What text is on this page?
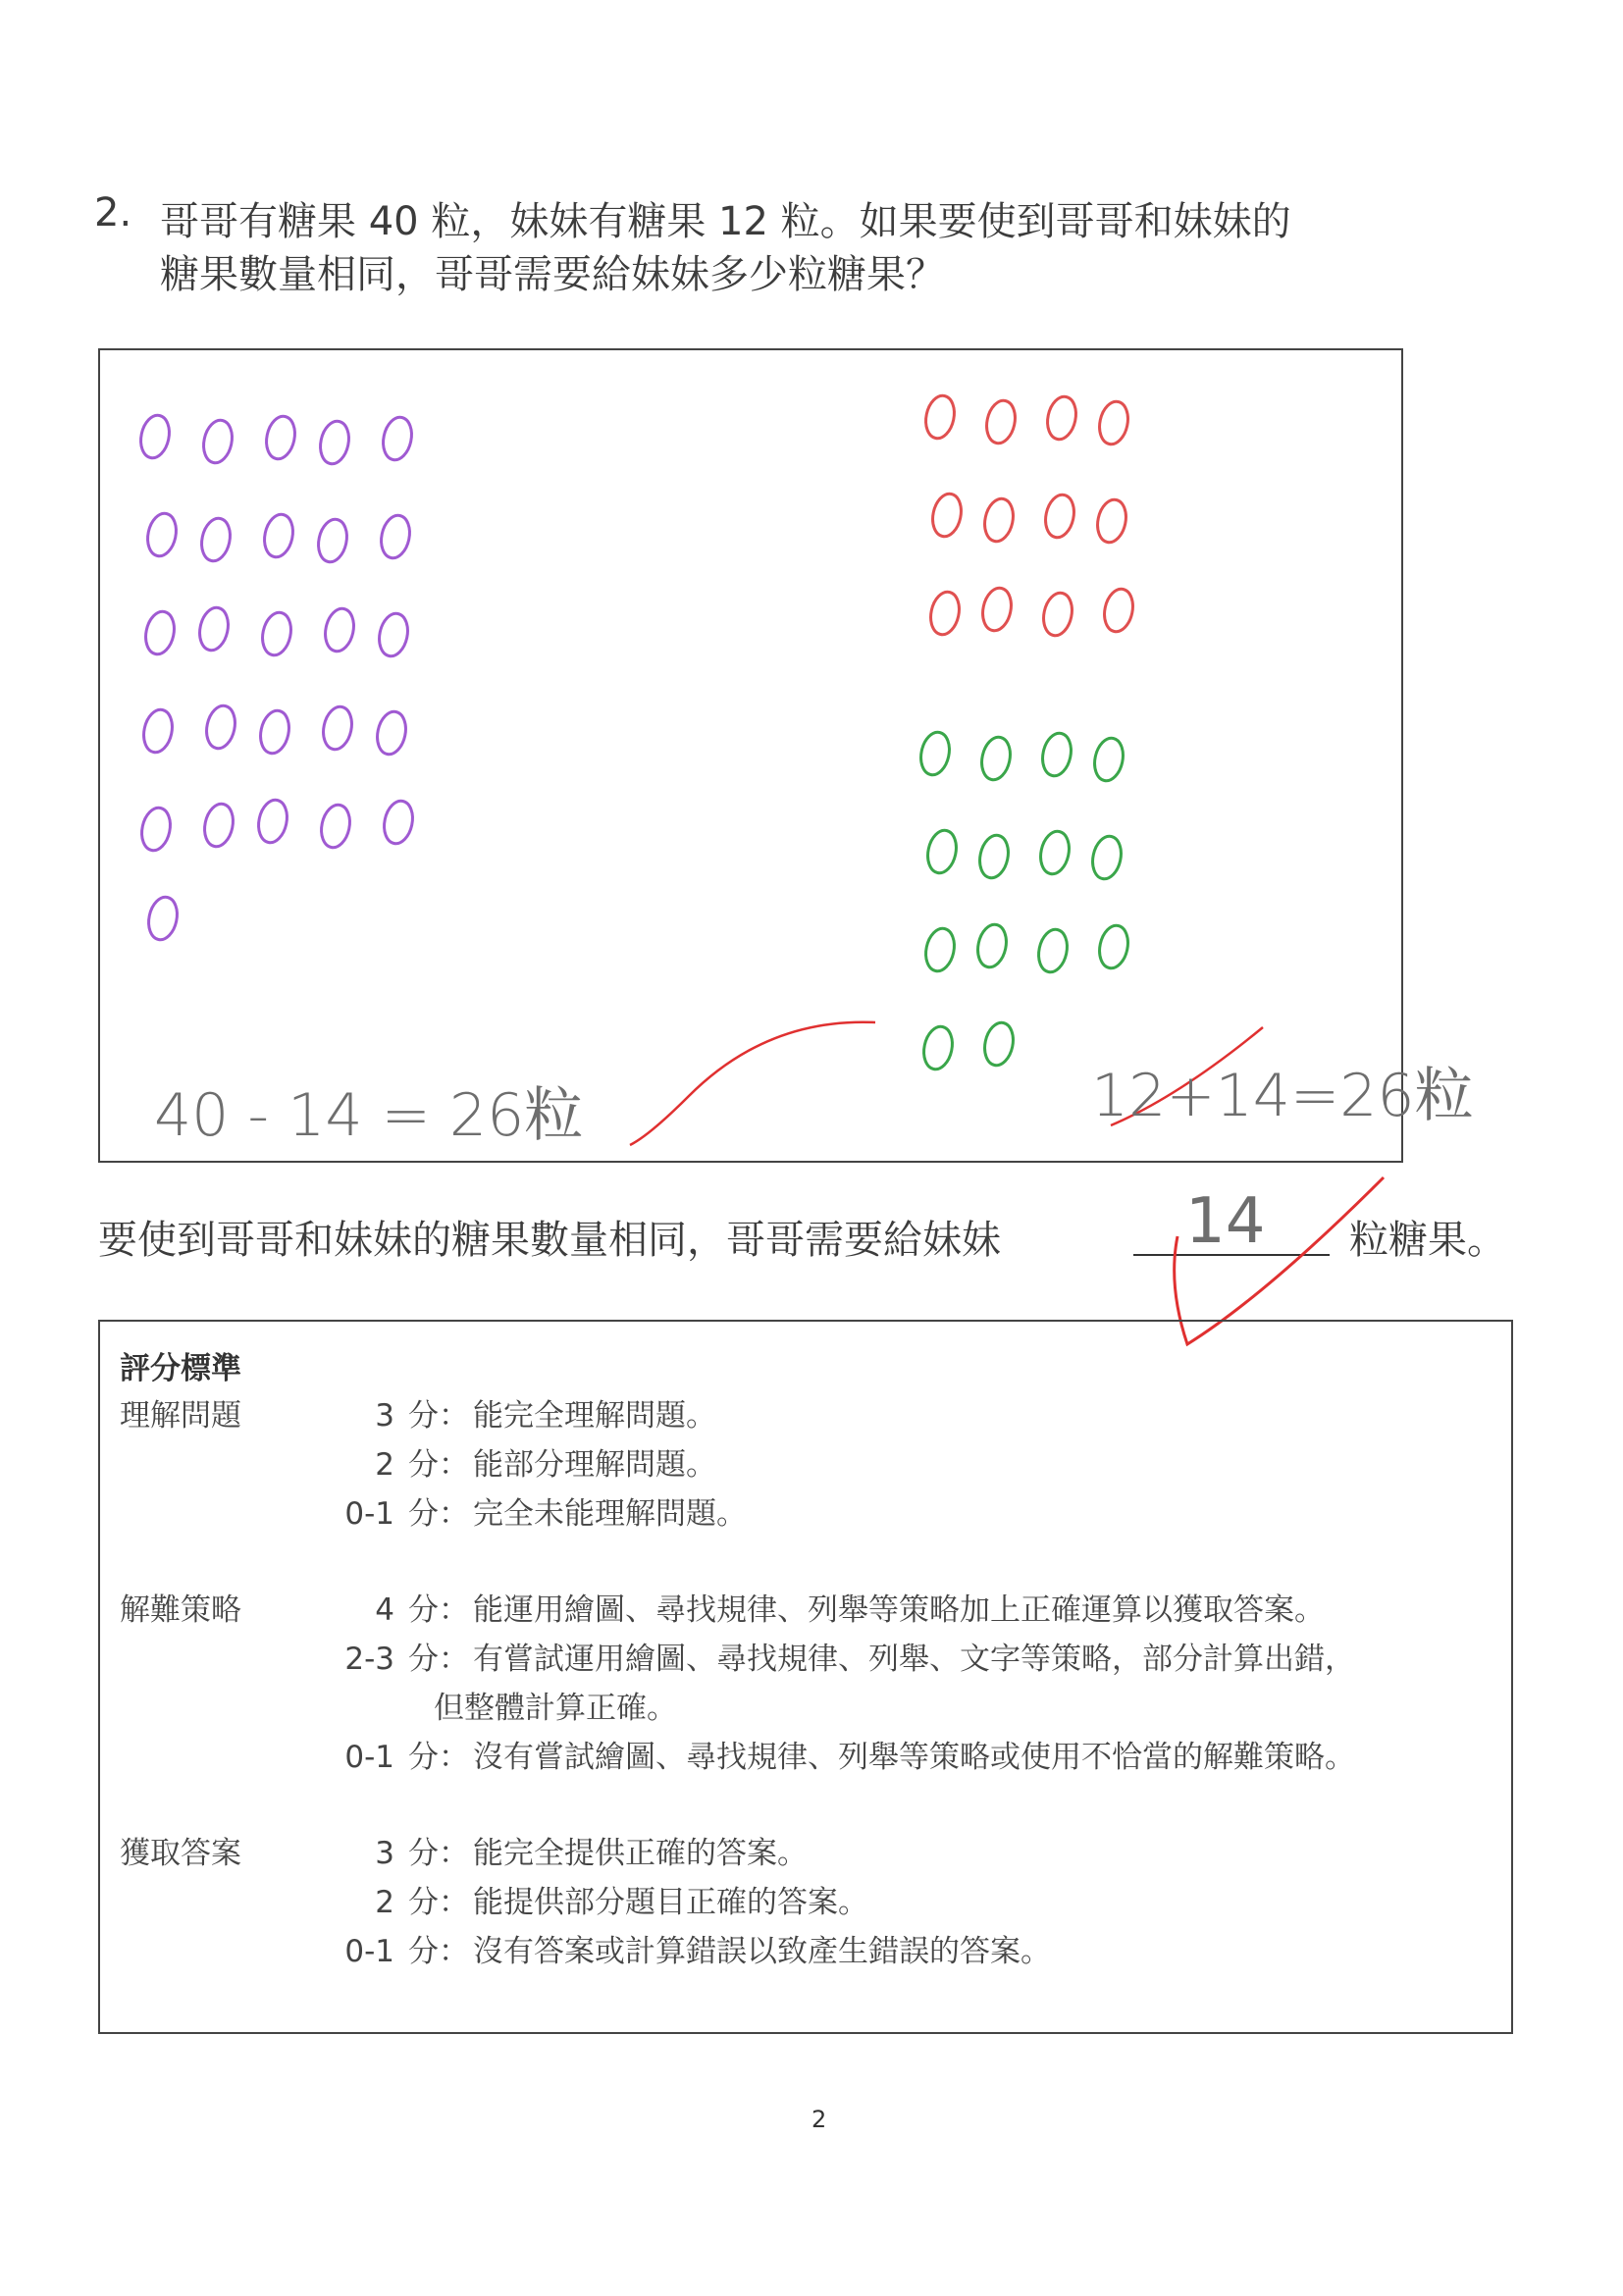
2. 哥哥有糖果 40 粒，妹妹有糖果 12 粒。如果要使到哥哥和妹妹的
糖果數量相同，哥哥需要給妹妹多少粒糖果？
40 - 14 = 26粒	12+14=26粒
要使到哥哥和妹妹的糖果數量相同，哥哥需要給妹妹	14 粒糖果。
評分標準
理解問題	3 分： 能完全理解問題。
2 分： 能部分理解問題。
0-1 分： 完全未能理解問題。
解難策略	4 分： 能運用繪圖、尋找規律、列舉等策略加上正確運算以獲取答案。
2-3 分： 有嘗試運用繪圖、尋找規律、列舉、文字等策略，部分計算出錯，
但整體計算正確。
0-1 分： 沒有嘗試繪圖、尋找規律、列舉等策略或使用不恰當的解難策略。
獲取答案	3 分： 能完全提供正確的答案。
2 分： 能提供部分題目正確的答案。
0-1 分： 沒有答案或計算錯誤以致產生錯誤的答案。
2
